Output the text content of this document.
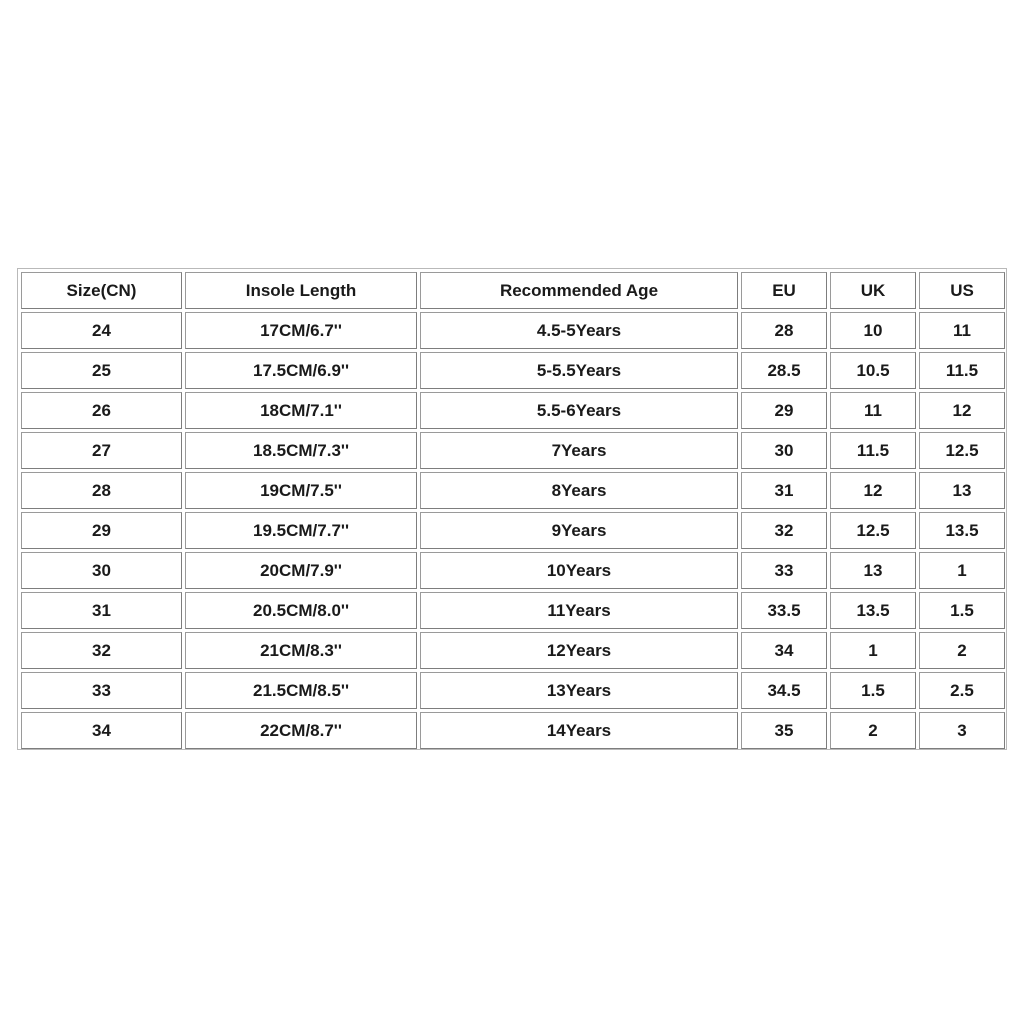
Size(CN)	Insole Length	Recommended Age	EU	UK	US
24	17CM/6.7''	4.5-5Years	28	10	11
25	17.5CM/6.9''	5-5.5Years	28.5	10.5	11.5
26	18CM/7.1''	5.5-6Years	29	11	12
27	18.5CM/7.3''	7Years	30	11.5	12.5
28	19CM/7.5''	8Years	31	12	13
29	19.5CM/7.7''	9Years	32	12.5	13.5
30	20CM/7.9''	10Years	33	13	1
31	20.5CM/8.0''	11Years	33.5	13.5	1.5
32	21CM/8.3''	12Years	34	1	2
33	21.5CM/8.5''	13Years	34.5	1.5	2.5
34	22CM/8.7''	14Years	35	2	3
